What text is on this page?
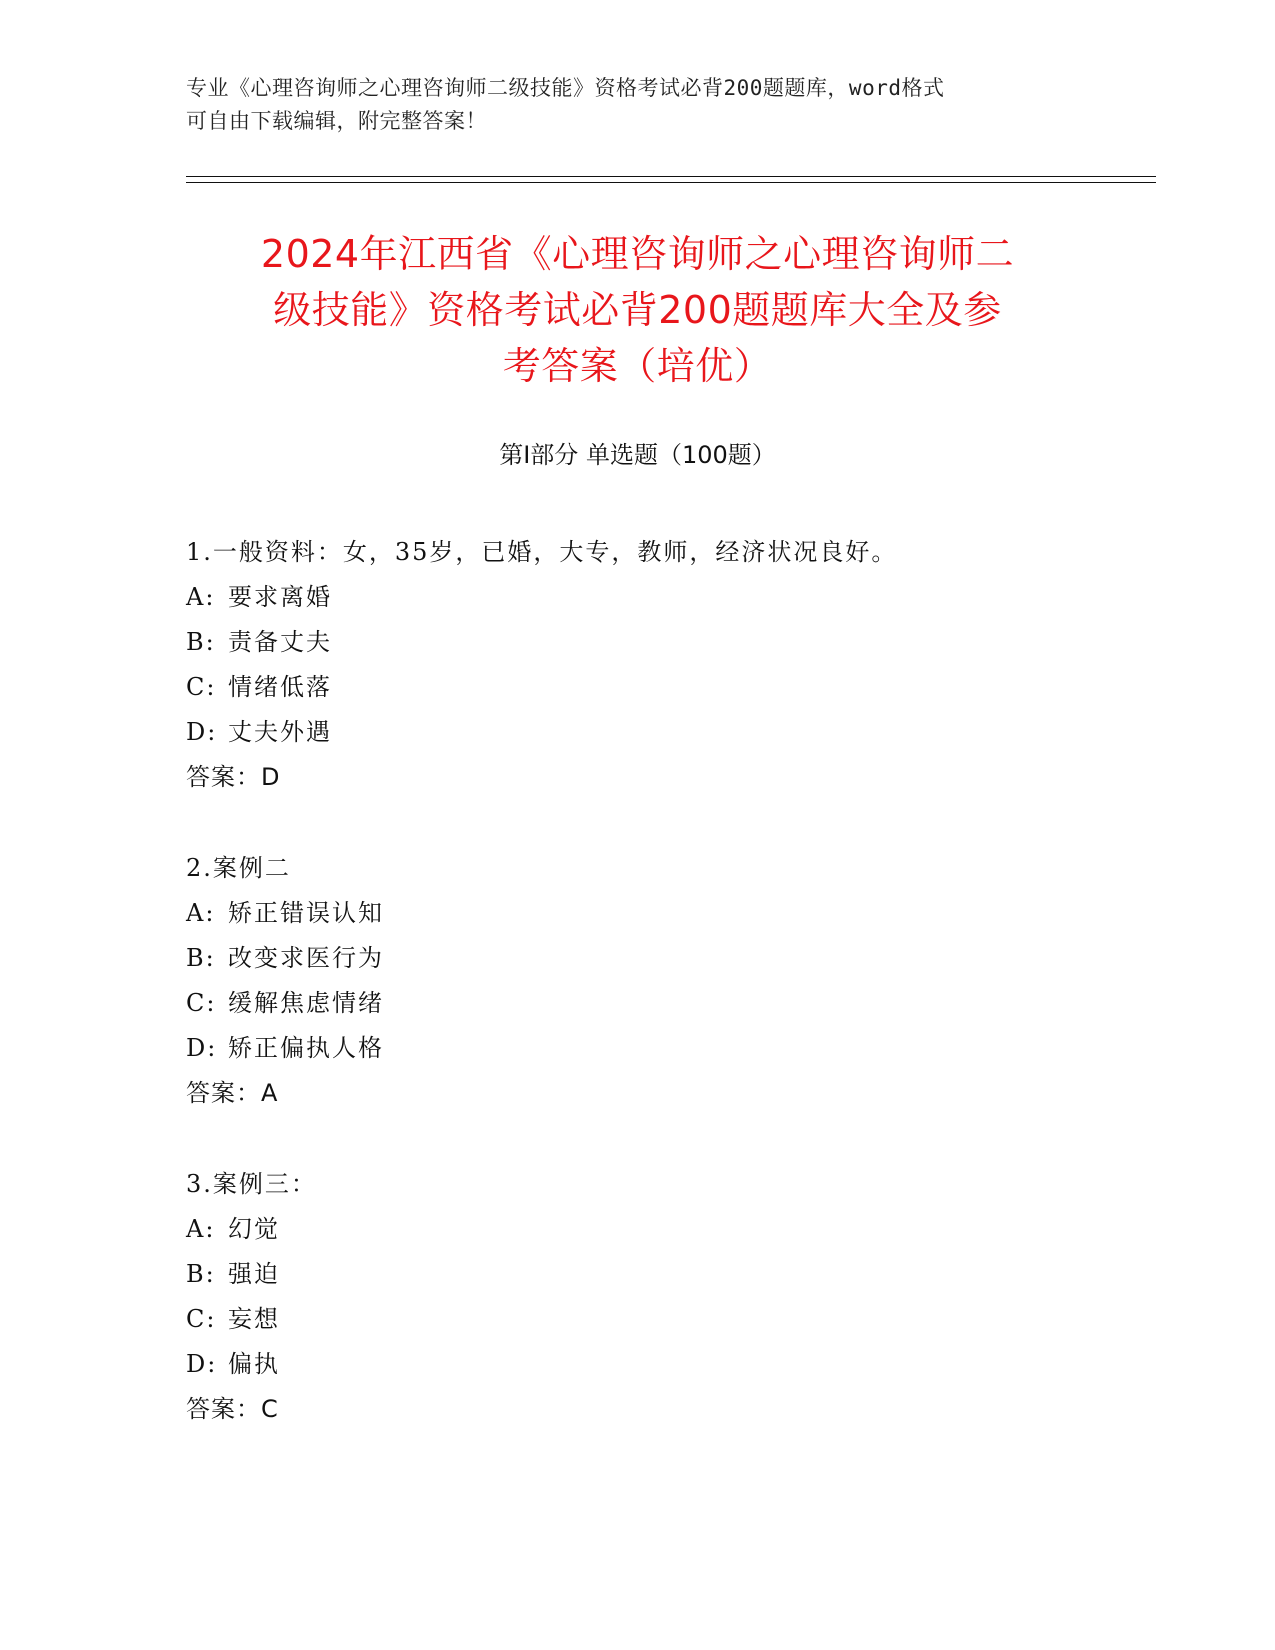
专业《心理咨询师之心理咨询师二级技能》资格考试必背200题题库，word格式
可自由下载编辑，附完整答案！
2024年江西省《心理咨询师之心理咨询师二
级技能》资格考试必背200题题库大全及参
考答案（培优）
第Ⅰ部分 单选题（100题）
1.一般资料：女，35岁，已婚，大专，教师，经济状况良好。
A: 要求离婚
B: 责备丈夫
C: 情绪低落
D: 丈夫外遇
答案：D
2.案例二
A: 矫正错误认知
B: 改变求医行为
C: 缓解焦虑情绪
D: 矫正偏执人格
答案：A
3.案例三：
A: 幻觉
B: 强迫
C: 妄想
D: 偏执
答案：C
